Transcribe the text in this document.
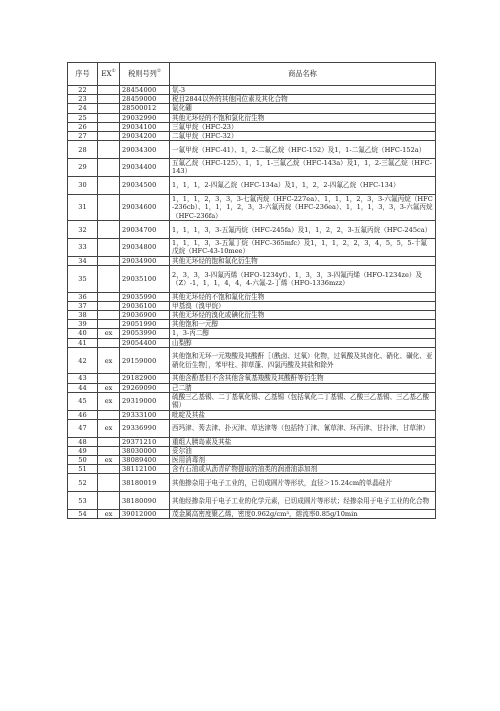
序号	EX①	税则号列②	商品名称
22		28454000	氚-3
23		28459000	税目2844以外的其他同位素及其化合物
24		28500012	氮化硼
25		29032990	其他无环烃的不饱和氯化衍生物
26		29034100	三氟甲烷（HFC-23）
27		29034200	二氟甲烷（HFC-32）
28		29034300	一氟甲烷（HFC-41）、1，2-二氟乙烷（HFC-152）及1，1-二氟乙烷（HFC-152a）
29		29034400	五氟乙烷（HFC-125）、1，1，1-三氟乙烷（HFC-143a）及1，1，2-三氟乙烷（HFC-143）
30		29034500	1，1，1，2-四氟乙烷（HFC-134a）及1，1，2，2-四氟乙烷（HFC-134）
31		29034600	1，1，1，2，3，3，3-七氟丙烷（HFC-227ea）、1，1，1，2，3，3-六氟丙烷（HFC-236cb）、1，1，1，2，3，3-六氟丙烷（HFC-236ea）、1，1，1，3，3，3-六氟丙烷（HFC-236fa）
32		29034700	1，1，1，3，3-五氟丙烷（HFC-245fa）及1，1，2，2，3-五氟丙烷（HFC-245ca）
33		29034800	1，1，1，3，3-五氟丁烷（HFC-365mfc）及1，1，1，2，2，3，4，5，5，5-十氟戊烷（HFC-43-10mee）
34		29034900	其他无环烃的饱和氟化衍生物
35		29035100	2，3，3，3-四氟丙烯（HFO-1234yf）、1，3，3，3-四氟丙烯（HFO-1234ze）及（Z）-1，1，1，4，4，4-六氟-2-丁烯（HFO-1336mzz）
36		29035990	其他无环烃的不饱和氟化衍生物
37		29036100	甲基溴（溴甲烷）
38		29036900	其他无环烃的溴化或碘化衍生物
39		29051990	其他饱和一元醇
40	ex	29053990	1，3-丙二醇
41		29054400	山梨醇
42	ex	29159000	其他饱和无环一元羧酸及其酸酐［（酰卤、过氧）化物，过氧酸及其卤化、硝化、磺化、亚硝化衍生物］，苯甲柱、抑草蓬、四氯丙酸及其盐和除外
43		29182900	其他含酚基但不含其他含氧基羧酸及其酸酐等衍生物
44	ex	29269090	己二腈
45	ex	29319000	硫酸三乙基锡、二丁基氧化锡、乙基锡（包括氧化二丁基锡、乙酸三乙基锡、三乙基乙酸锡）
46		29333100	吡啶及其盐
47	ex	29336990	西玛津、莠去津、扑灭津、草达津等（包括特丁津、氰草津、环丙津、甘扑津、甘草津）
48		29371210	重组人胰岛素及其盐
49		38030000	妥尔油
50	ex	38089400	医用消毒剂
51		38112100	含有石油或从沥青矿物提取的油类的润滑油添加剂
52		38180019	其他掺杂用于电子工业的，已切成圆片等形状，直径＞15.24cm的单晶硅片
53		38180090	其他经掺杂用于电子工业的化学元素，已切成圆片等形状；经掺杂用于电子工业的化合物
54	ex	39012000	茂金属高密度聚乙烯，密度0.962g/cm³，熔流率0.85g/10min
